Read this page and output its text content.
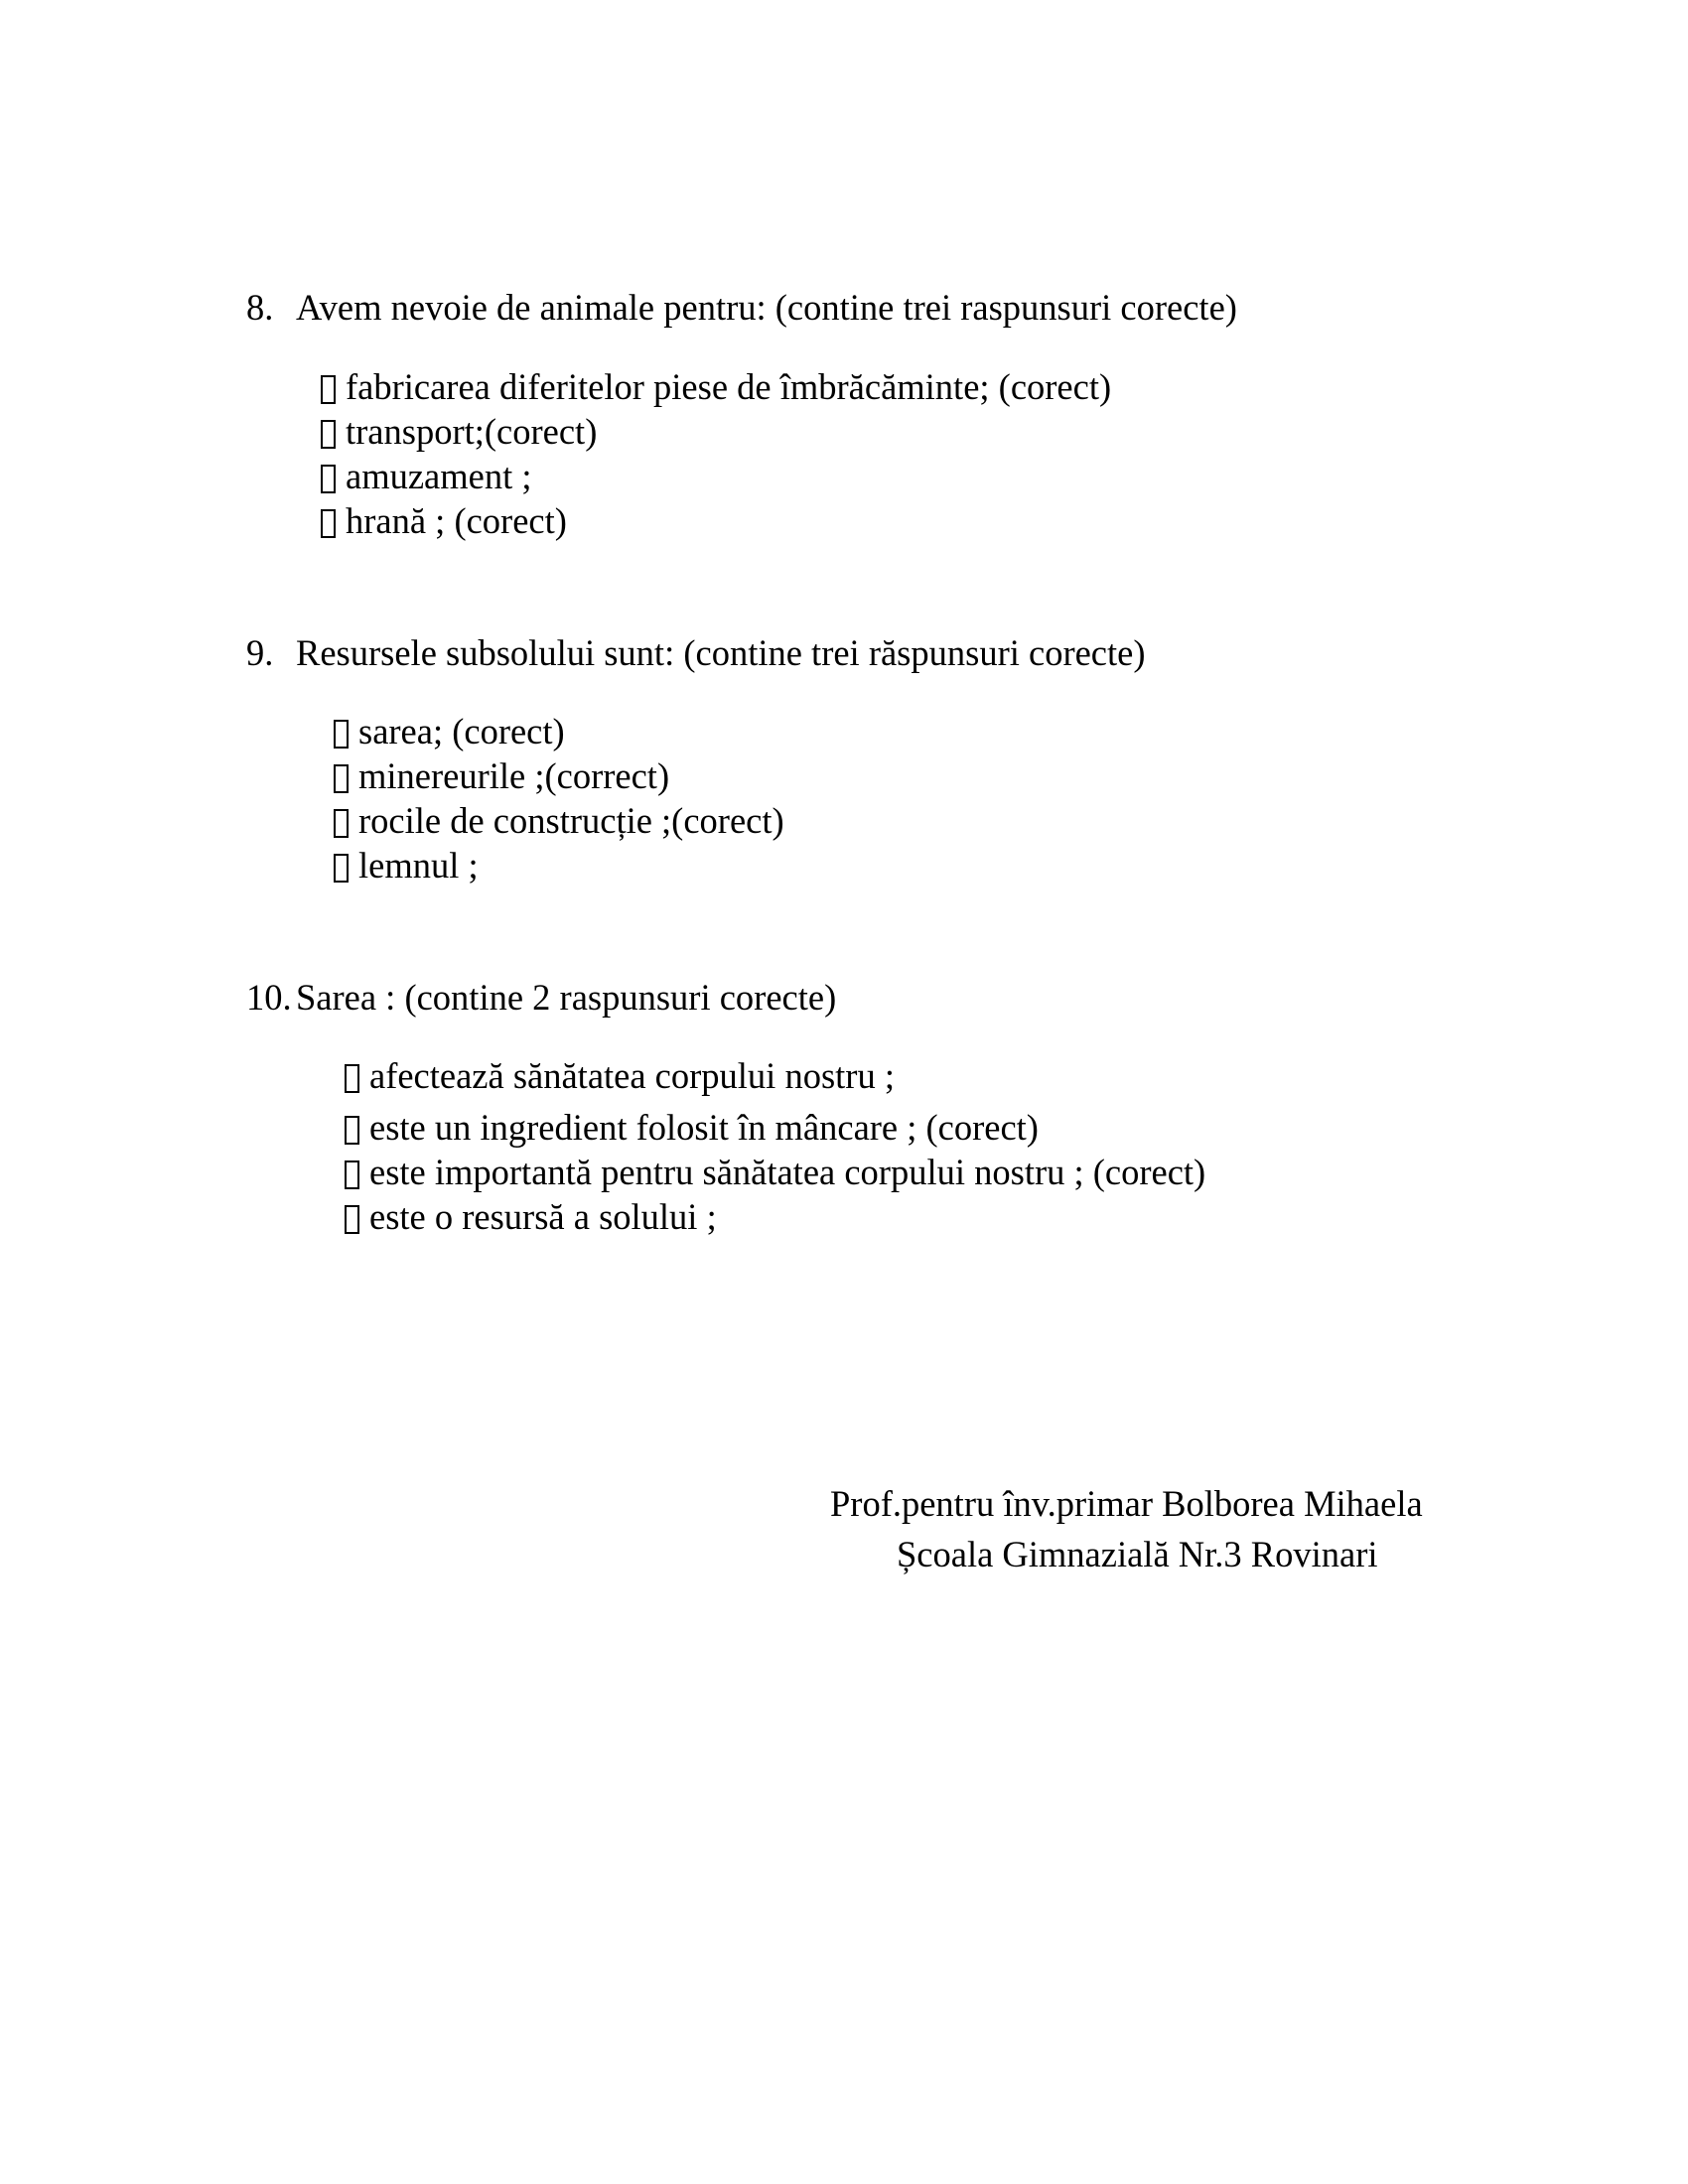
8. Avem nevoie de animale pentru: (contine trei raspunsuri corecte)
fabricarea diferitelor piese de îmbrăcăminte; (corect)
transport;(corect)
amuzament ;
hrană ; (corect)
9. Resursele subsolului sunt: (contine trei răspunsuri corecte)
sarea; (corect)
minereurile ;(correct)
rocile de construcție ;(corect)
lemnul ;
10. Sarea : (contine 2 raspunsuri corecte)
afectează sănătatea corpului nostru ;
este un ingredient folosit în mâncare ; (corect)
este importantă pentru sănătatea corpului nostru ; (corect)
este o resursă a solului ;
Prof.pentru înv.primar Bolborea Mihaela
Școala Gimnazială Nr.3 Rovinari
